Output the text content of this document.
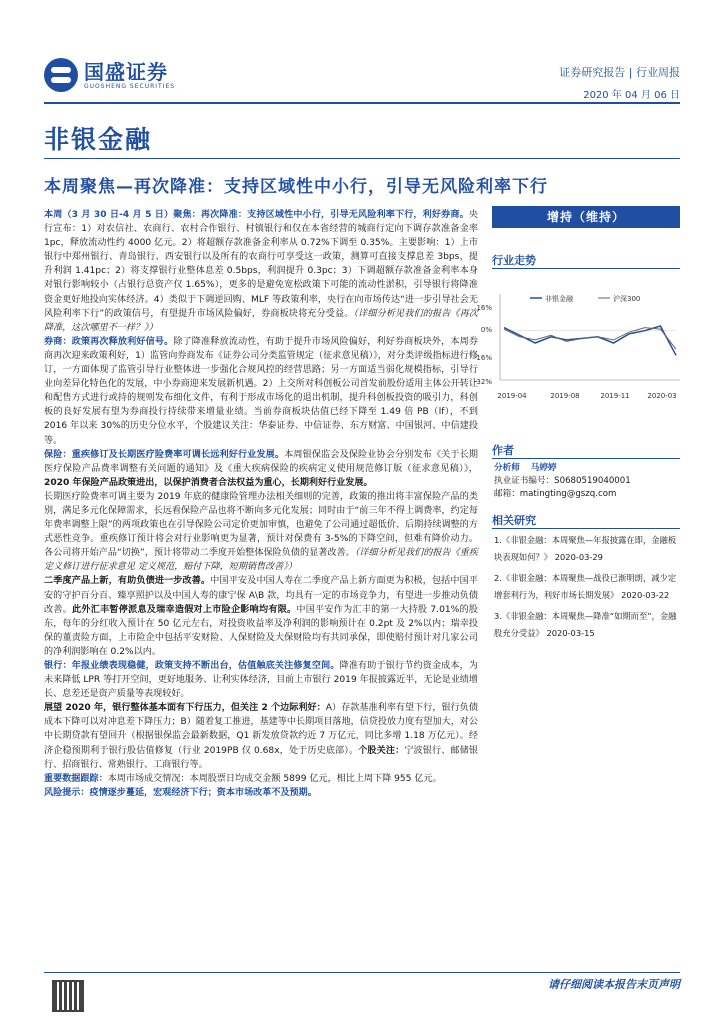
国盛证券
GUOSHENG SECURITIES
证券研究报告 | 行业周报
2020 年 04 月 06 日
非银金融
本周聚焦—再次降准：支持区域性中小行，引导无风险利率下行

本周（3 月 30 日-4 月 5 日）聚焦：再次降准：支持区域性中小行，引导无风险利率下行，利好券商。央行宣布：1）对农信社、农商行、农村合作银行、村镇银行和仅在本省经营的城商行定向下调存款准备金率 1pc，释放流动性约 4000 亿元。2）将超额存款准备金利率从 0.72%下调至 0.35%。主要影响：1）上市银行中郑州银行、青岛银行、西安银行以及所有的农商行可享受这一政策，测算可直接支撑息差 3bps，提升利润 1.41pc；2）将支撑银行业整体息差 0.5bps，利润提升 0.3pc；3）下调超额存款准备金利率本身对银行影响较小（占银行总资产仅 1.65%），更多的是避免宽松政策下可能的流动性淤积，引导银行将降准资金更好地投向实体经济。4）类似于下调逆回购、MLF 等政策利率，央行在向市场传达“进一步引导社会无风险利率下行”的政策信号，有望提升市场风险偏好，券商板块将充分受益。（详细分析见我们的报告《再次降准，这次哪里不一样？》）

券商：政策再次释放利好信号。除了降准释放流动性，有助于提升市场风险偏好，利好券商板块外，本周券商再次迎来政策利好，1）监管向券商发布《证券公司分类监管规定（征求意见稿）》，对分类评级指标进行修订，一方面体现了监管引导行业整体进一步强化合规风控的经营思路；另一方面适当弱化规模指标，引导行业向差异化特色化的发展，中小券商迎来发展新机遇。2）上交所对科创板公司首发前股份适用主体公开转让和配售方式进行或持的规则发布细化文件，有利于形成市场化的退出机制，提升科创板投资的吸引力，科创板的良好发展有望为券商投行持续带来增量业绩。当前券商板块估值已经下降至 1.49 倍 PB（lf），不到 2016 年以来 30%的历史分位水平，个股建议关注：华泰证券、中信证券、东方财富、中国银河、中信建投等。

保险：重疾修订及长期医疗险费率可调长远利好行业发展。本周银保监会及保险业协会分别发布《关于长期医疗保险产品费率调整有关问题的通知》及《重大疾病保险的疾病定义使用规范修订版（征求意见稿）》，2020 年保险产品政策进出，以保护消费者合法权益为重心，长期利好行业发展。

长期医疗险费率可调主要为 2019 年底的健康险管理办法相关细则的完善，政策的推出将丰富保险产品的类别，满足多元化保障需求，长远看保险产品也将不断向多元化发展；同时由于“前三年不得上调费率，约定每年费率调整上限”的两项政策也在引导保险公司定价更加审慎，也避免了公司通过超低价、后期持续调整的方式恶性竞争。重疾修订预计将会对行业影响更为显著，预计对保费有 3-5%的下降空间，但难有降价动力。各公司将开始产品“切换”，预计将带动二季度开始整体保险负债的显著改善。（详细分析见我们的报告《重疾定义修订进行征求意见 定义规范，赔付下降，短期销售改善》）

二季度产品上新，有助负债进一步改善。中国平安及中国人寿在二季度产品上新方面更为积极，包括中国平安的守护百分百、臻享照护以及中国人寿的康宁保 A\B 款，均具有一定的市场竞争力，有望进一步推动负债改善。此外汇丰暂停派息及瑞幸造假对上市险企影响均有限。中国平安作为汇丰的第一大持股 7.01%的股东，每年的分红收入预计在 50 亿元左右，对投资收益率及净利润的影响预计在 0.2pt 及 2%以内；瑞幸投保的董责险方面，上市险企中包括平安财险、人保财险及大保财险均有共同承保，即使赔付预计对几家公司的净利润影响在 0.2%以内。

银行：年报业绩表现稳健，政策支持不断出台，估值触底关注修复空间。降准有助于银行节约资金成本，为未来降低 LPR 等打开空间，更好地服务、让利实体经济，目前上市银行 2019 年报披露近半，无论是业绩增长、息差还是资产质量等表现较好。

展望 2020 年，银行整体基本面有下行压力，但关注 2 个边际利好：A）存款基准利率有望下行，银行负债成本下降可以对冲息差下降压力；B）随着复工推进，基建等中长期项目落地，信贷投放力度有望加大，对公中长期贷款有望回升（根据银保监会最新数据，Q1 新发放贷款约近 7 万亿元，同比多增 1.18 万亿元）。经济企稳预期利于银行股估值修复（行业 2019PB 仅 0.68x，处于历史底部）。个股关注：宁波银行、邮储银行、招商银行、常熟银行、工商银行等。

重要数据跟踪：本周市场成交情况：本周股票日均成交金额 5899 亿元，相比上周下降 955 亿元。

风险提示：疫情逐步蔓延，宏观经济下行；资本市场改革不及预期。

增持（维持）
行业走势
非银金融	沪深300
16%
0%
-16%
-32%
2019-04	2019-08	2019-11	2020-03
作者
分析师 马婷婷
执业证书编号：S0680519040001
邮箱：matingting@gszq.com
相关研究
1.《非银金融：本周聚焦—年报披露在即，金融板块表现如何？》 2020-03-29
2.《非银金融：本周聚焦—战役已渐明朗，减少定增套利行为，利好市场长期发展》 2020-03-22
3.《非银金融：本周聚焦—降准“如期而至”，金融股充分受益》 2020-03-15
请仔细阅读本报告末页声明
